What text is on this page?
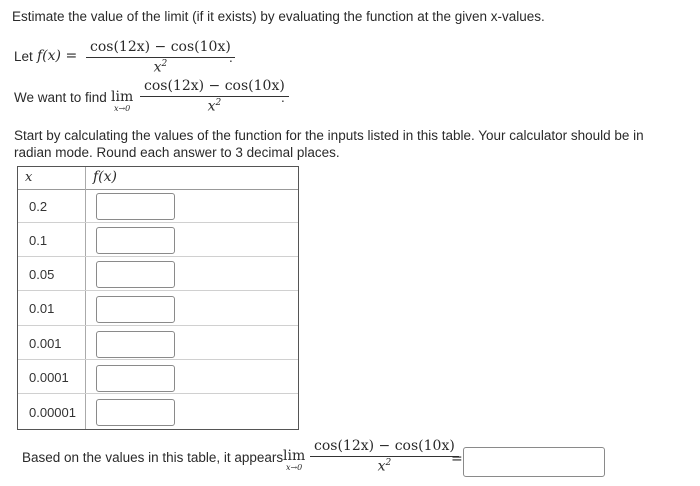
Estimate the value of the limit (if it exists) by evaluating the function at the given x-values.
Let f(x) =
cos(12x) − cos(10x)
$x^2$	.
We want to find lim
x→0
cos(12x) − cos(10x)
$x^2$	.
Start by calculating the values of the function for the inputs listed in this table. Your calculator should be in radian mode. Round each answer to 3 decimal places.
x	f(x)
0.2
0.1
0.05
0.01
0.001
0.0001
0.00001
Based on the values in this table, it appears lim
x→0
cos(12x) − cos(10x)
$x^2$	=
